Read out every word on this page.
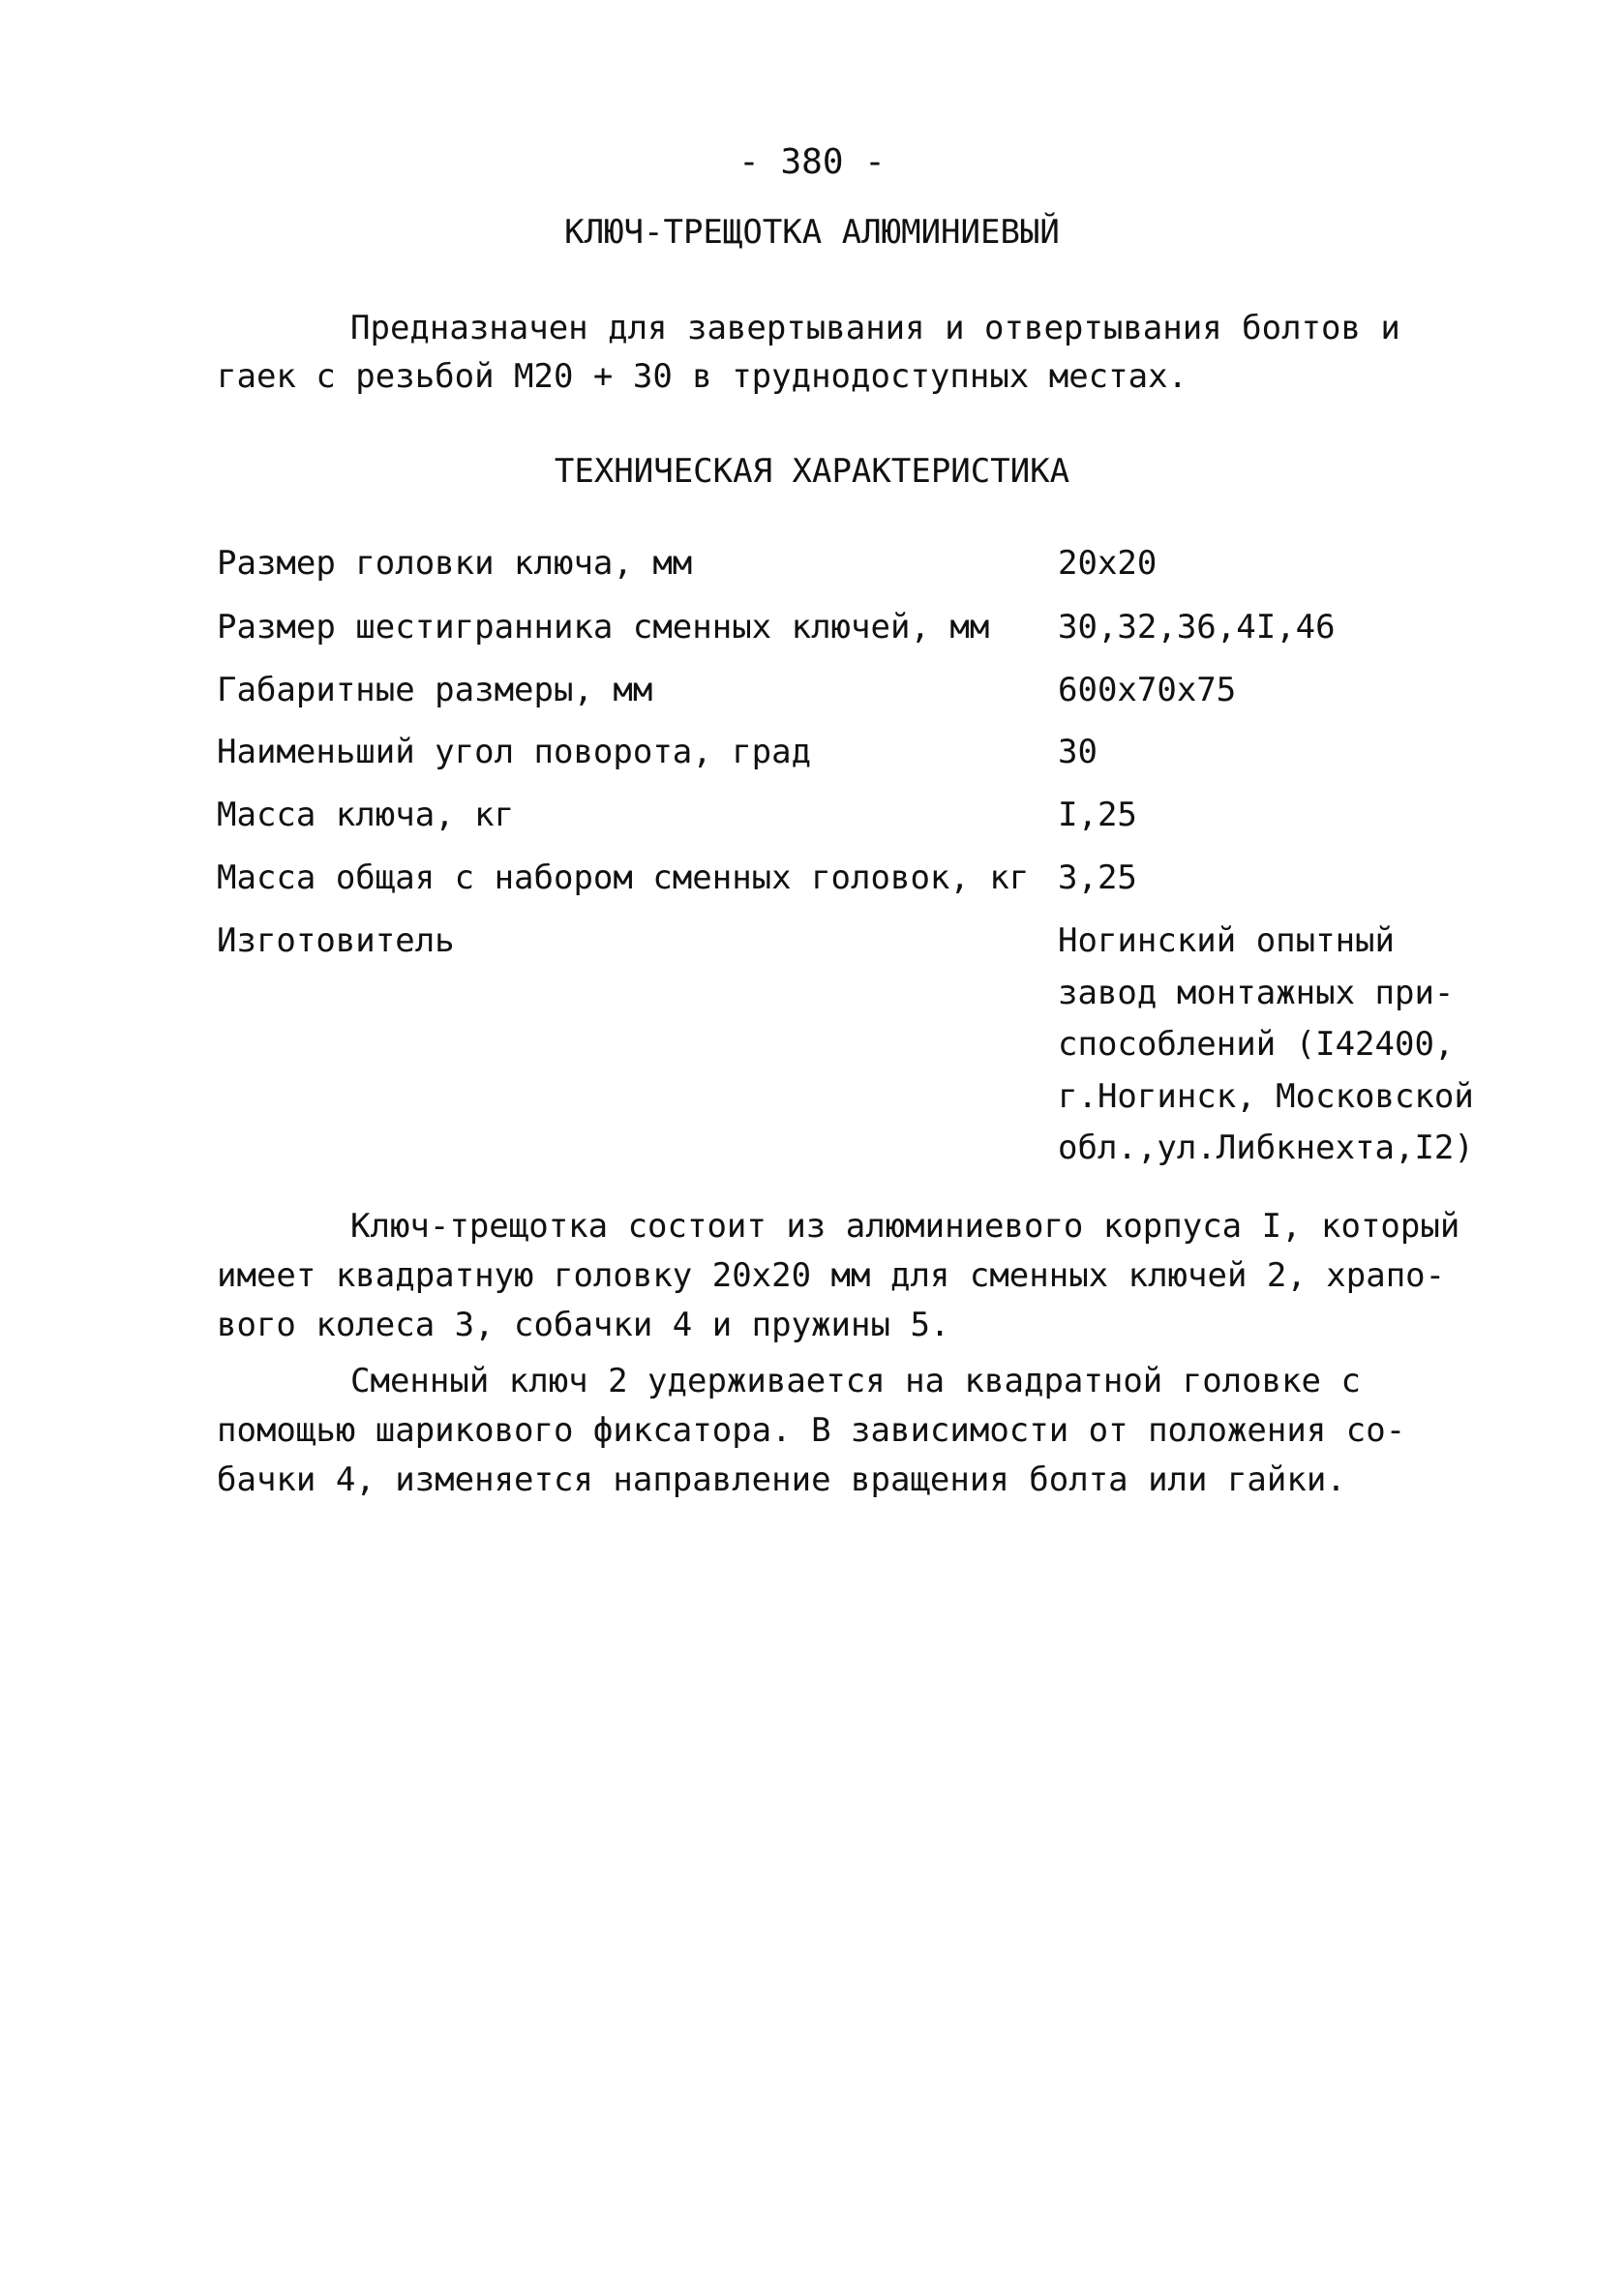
- 380 -
КЛЮЧ-ТРЕЩОТКА АЛЮМИНИЕВЫЙ
Предназначен для завертывания и отвертывания болтов и
гаек с резьбой М20 + 30 в труднодоступных местах.
ТЕХНИЧЕСКАЯ ХАРАКТЕРИСТИКА
Размер головки ключа, мм	20x20
Размер шестигранника сменных ключей, мм 30,32,36,4I,46
Габаритные размеры, мм	600x70x75
Наименьший угол поворота, град	30
Масса ключа, кг	I,25
Масса общая с набором сменных головок, кг 3,25
Изготовитель	Ногинский опытный
завод монтажных при-
способлений (I42400,
г.Ногинск, Московской
обл.,ул.Либкнехта,I2)
Ключ-трещотка состоит из алюминиевого корпуса I, который
имеет квадратную головку 20x20 мм для сменных ключей 2, храпо-
вого колеса 3, собачки 4 и пружины 5.
Сменный ключ 2 удерживается на квадратной головке с
помощью шарикового фиксатора. В зависимости от положения со-
бачки 4, изменяется направление вращения болта или гайки.
